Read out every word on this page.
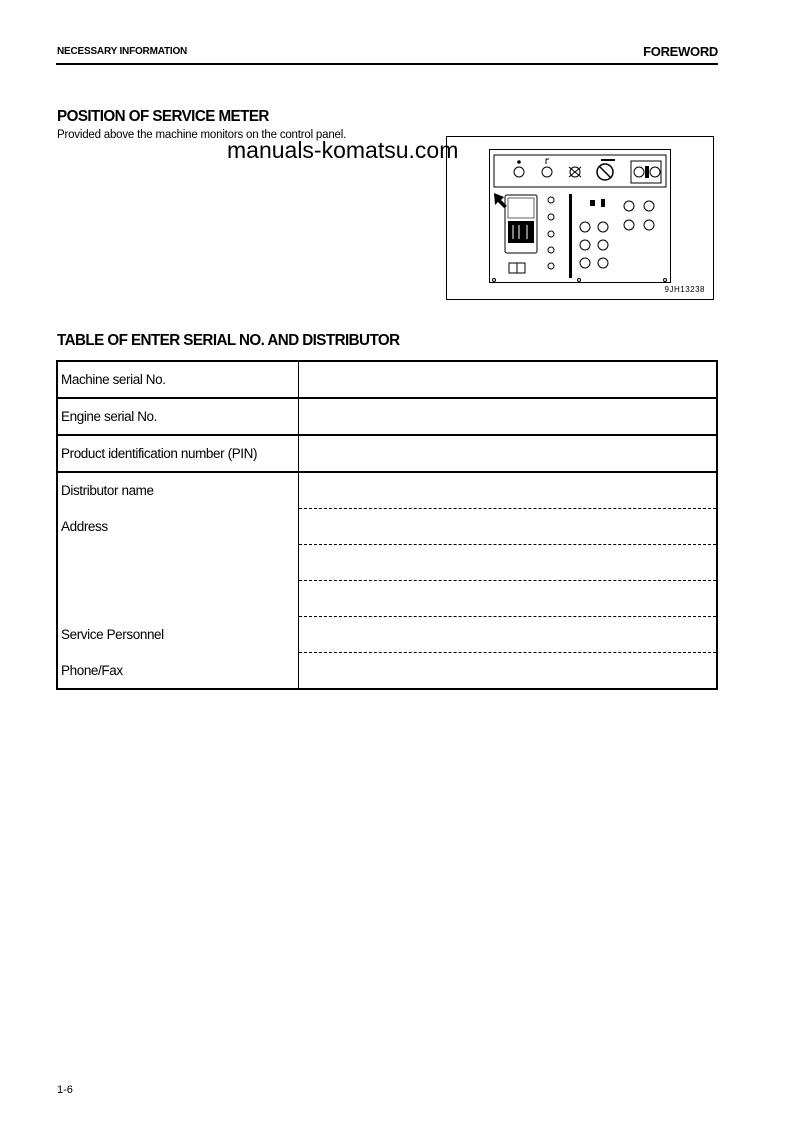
NECESSARY INFORMATION	FOREWORD
POSITION OF SERVICE METER
Provided above the machine monitors on the control panel.
manuals-komatsu.com
9JH13238
TABLE OF ENTER SERIAL NO. AND DISTRIBUTOR
Machine serial No.	
Engine serial No.	
Product identification number (PIN)	
Distributor name	
Address	

Service Personnel	
Phone/Fax	
1-6
